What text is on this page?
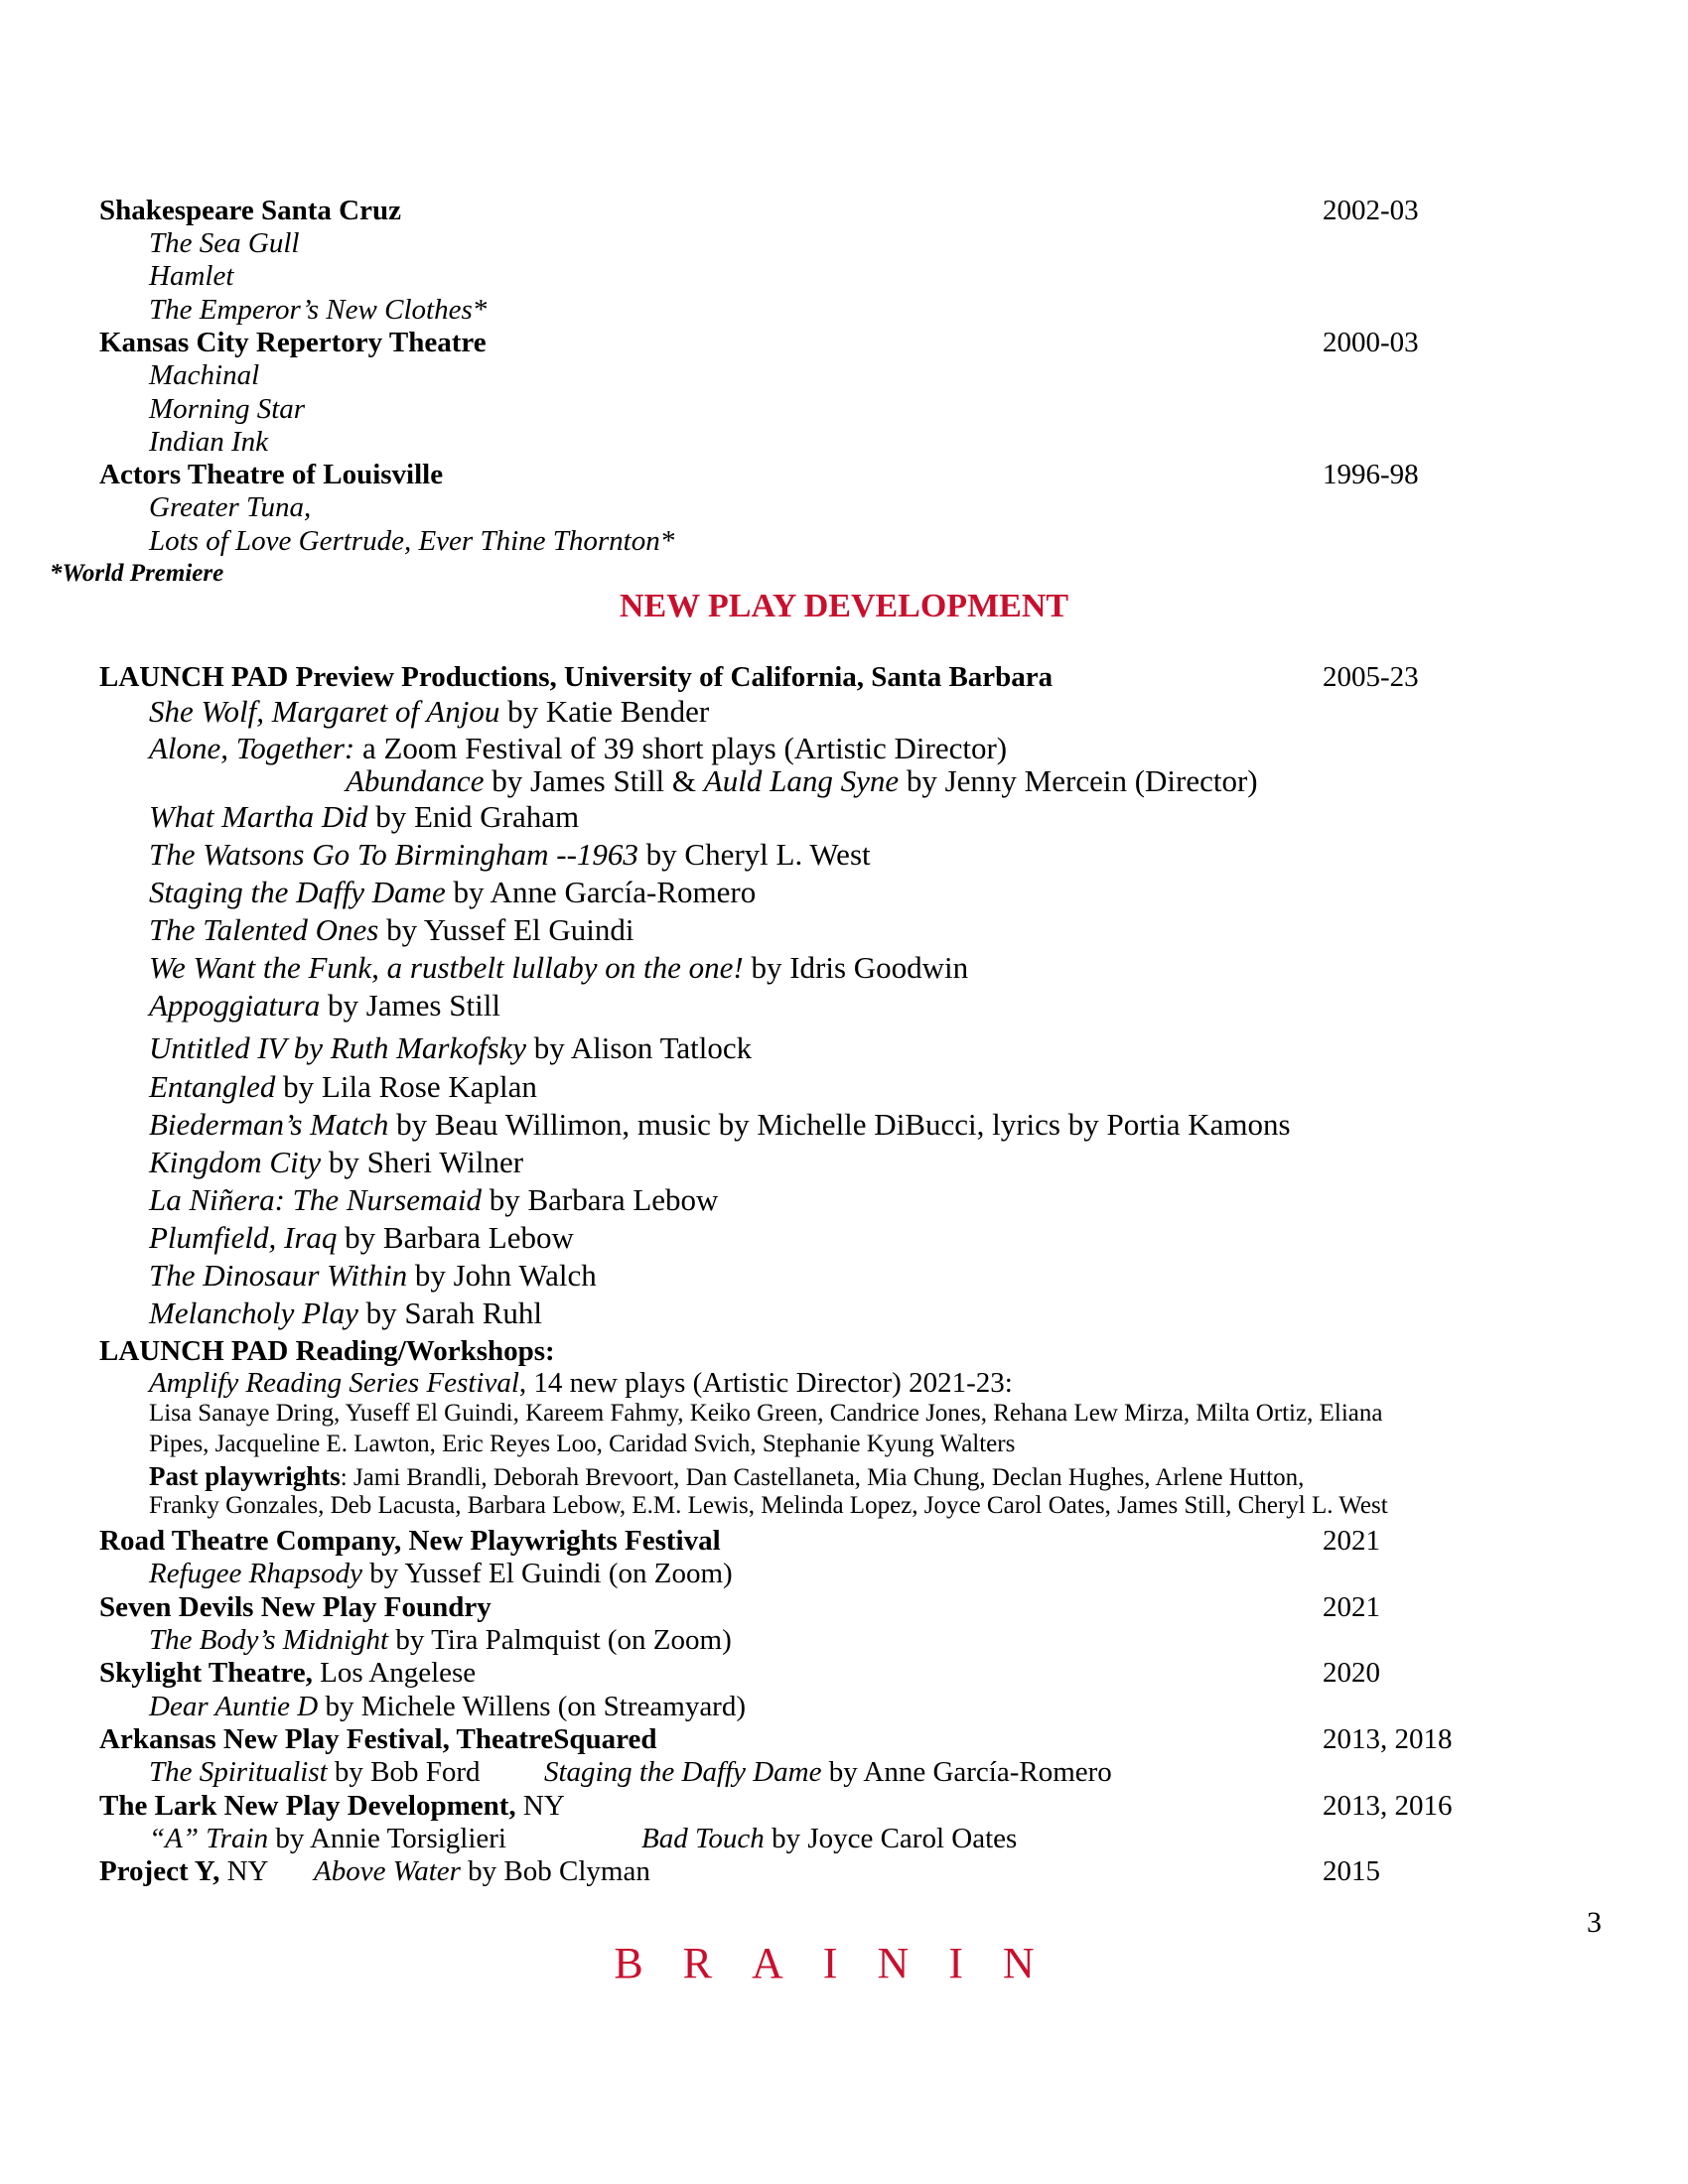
Shakespeare Santa Cruz	2002-03
The Sea Gull
Hamlet
The Emperor’s New Clothes*
Kansas City Repertory Theatre	2000-03
Machinal
Morning Star
Indian Ink
Actors Theatre of Louisville	1996-98
Greater Tuna,
Lots of Love Gertrude, Ever Thine Thornton*
*World Premiere
NEW PLAY DEVELOPMENT
LAUNCH PAD Preview Productions, University of California, Santa Barbara	2005-23
She Wolf, Margaret of Anjou by Katie Bender
Alone, Together: a Zoom Festival of 39 short plays (Artistic Director)
Abundance by James Still & Auld Lang Syne by Jenny Mercein (Director)
What Martha Did by Enid Graham
The Watsons Go To Birmingham --1963 by Cheryl L. West
Staging the Daffy Dame by Anne García-Romero
The Talented Ones by Yussef El Guindi
We Want the Funk, a rustbelt lullaby on the one! by Idris Goodwin
Appoggiatura by James Still
Untitled IV by Ruth Markofsky by Alison Tatlock
Entangled by Lila Rose Kaplan
Biederman’s Match by Beau Willimon, music by Michelle DiBucci, lyrics by Portia Kamons
Kingdom City by Sheri Wilner
La Niñera: The Nursemaid by Barbara Lebow
Plumfield, Iraq by Barbara Lebow
The Dinosaur Within by John Walch
Melancholy Play by Sarah Ruhl
LAUNCH PAD Reading/Workshops:
Amplify Reading Series Festival, 14 new plays (Artistic Director) 2021-23:
Lisa Sanaye Dring, Yuseff El Guindi, Kareem Fahmy, Keiko Green, Candrice Jones, Rehana Lew Mirza, Milta Ortiz, Eliana
Pipes, Jacqueline E. Lawton, Eric Reyes Loo, Caridad Svich, Stephanie Kyung Walters
Past playwrights: Jami Brandli, Deborah Brevoort, Dan Castellaneta, Mia Chung, Declan Hughes, Arlene Hutton,
Franky Gonzales, Deb Lacusta, Barbara Lebow, E.M. Lewis, Melinda Lopez, Joyce Carol Oates, James Still, Cheryl L. West
Road Theatre Company, New Playwrights Festival	2021
Refugee Rhapsody by Yussef El Guindi (on Zoom)
Seven Devils New Play Foundry	2021
The Body’s Midnight by Tira Palmquist (on Zoom)
Skylight Theatre, Los Angelese	2020
Dear Auntie D by Michele Willens (on Streamyard)
Arkansas New Play Festival, TheatreSquared	2013, 2018
The Spiritualist by Bob Ford Staging the Daffy Dame by Anne García-Romero
The Lark New Play Development, NY	2013, 2016
“A” Train by Annie Torsiglieri	Bad Touch by Joyce Carol Oates
Project Y, NY Above Water by Bob Clyman	2015
3
BRAININ
